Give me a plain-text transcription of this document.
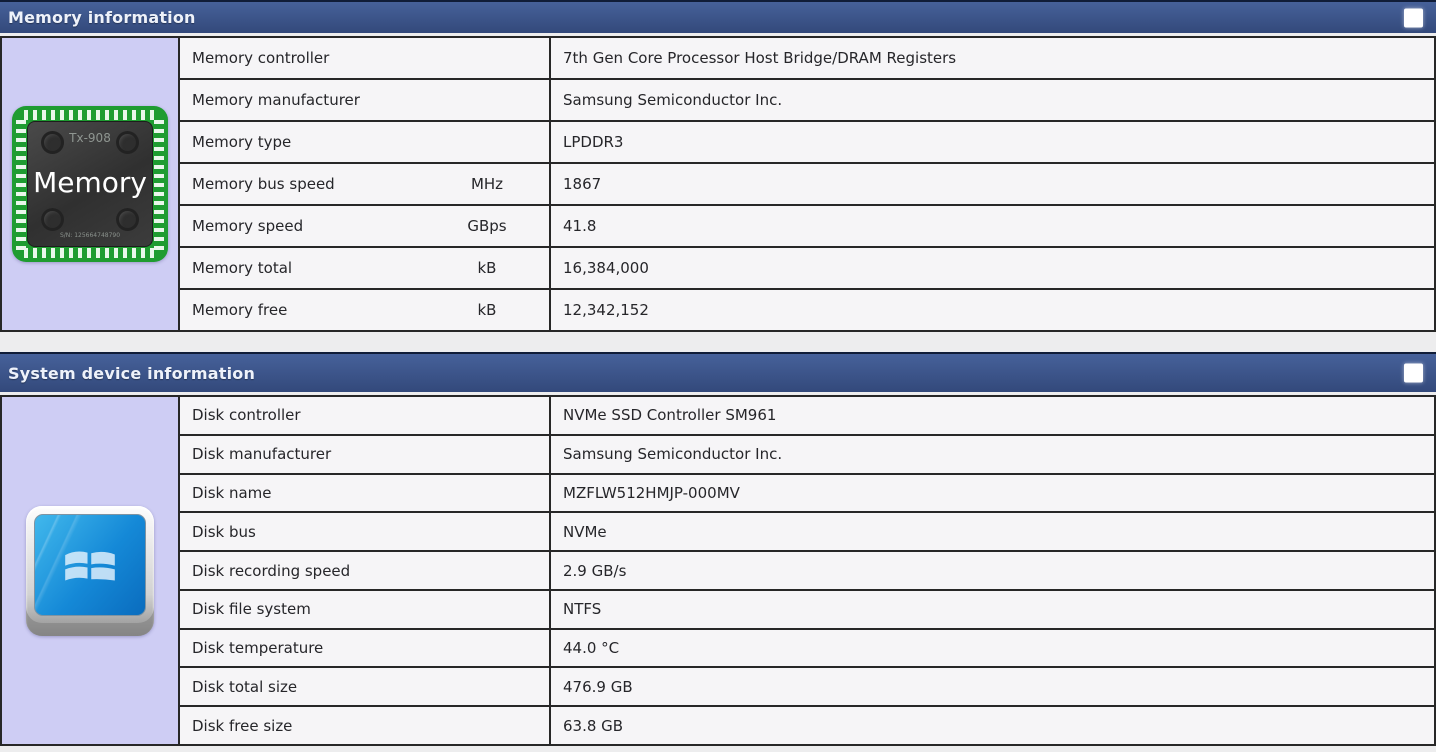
Memory information
Tx-908
Memory
S/N: 125664748790
Memory controller	7th Gen Core Processor Host Bridge/DRAM Registers
Memory manufacturer	Samsung Semiconductor Inc.
Memory type	LPDDR3
Memory bus speed	MHz	1867
Memory speed	GBps	41.8
Memory total	kB	16,384,000
Memory free	kB	12,342,152
System device information
Disk controller	NVMe SSD Controller SM961
Disk manufacturer	Samsung Semiconductor Inc.
Disk name	MZFLW512HMJP-000MV
Disk bus	NVMe
Disk recording speed	2.9 GB/s
Disk file system	NTFS
Disk temperature	44.0 °C
Disk total size	476.9 GB
Disk free size	63.8 GB
